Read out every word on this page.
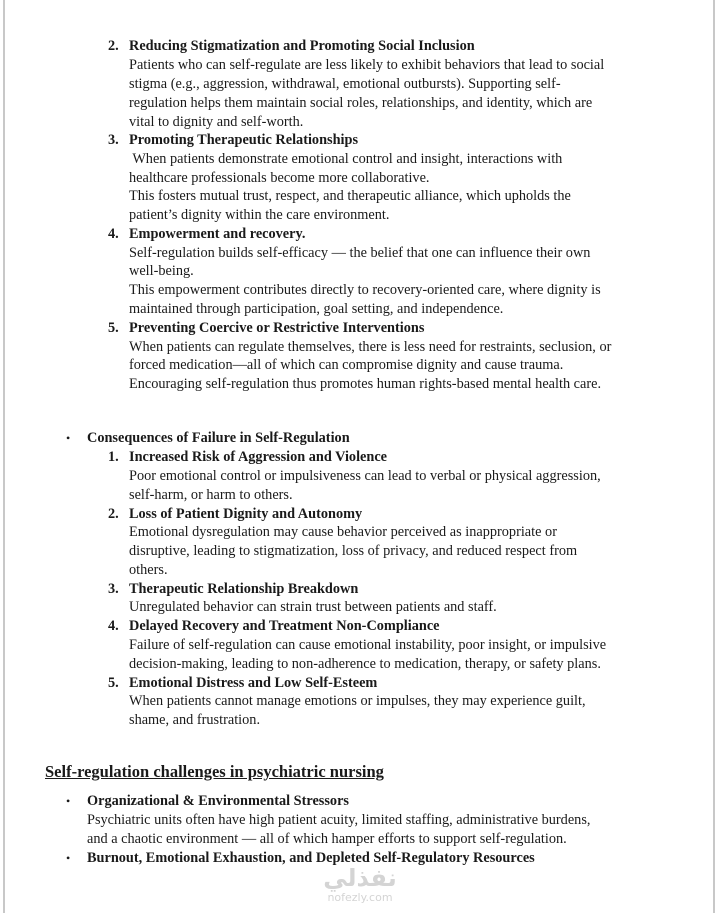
2. Reducing Stigmatization and Promoting Social Inclusion
Patients who can self-regulate are less likely to exhibit behaviors that lead to social
stigma (e.g., aggression, withdrawal, emotional outbursts). Supporting self-
regulation helps them maintain social roles, relationships, and identity, which are
vital to dignity and self-worth.
3. Promoting Therapeutic Relationships
When patients demonstrate emotional control and insight, interactions with
healthcare professionals become more collaborative.
This fosters mutual trust, respect, and therapeutic alliance, which upholds the
patient’s dignity within the care environment.
4. Empowerment and recovery.
Self-regulation builds self-efficacy — the belief that one can influence their own
well-being.
This empowerment contributes directly to recovery-oriented care, where dignity is
maintained through participation, goal setting, and independence.
5. Preventing Coercive or Restrictive Interventions
When patients can regulate themselves, there is less need for restraints, seclusion, or
forced medication—all of which can compromise dignity and cause trauma.
Encouraging self-regulation thus promotes human rights-based mental health care.
• Consequences of Failure in Self-Regulation
1. Increased Risk of Aggression and Violence
Poor emotional control or impulsiveness can lead to verbal or physical aggression,
self-harm, or harm to others.
2. Loss of Patient Dignity and Autonomy
Emotional dysregulation may cause behavior perceived as inappropriate or
disruptive, leading to stigmatization, loss of privacy, and reduced respect from
others.
3. Therapeutic Relationship Breakdown
Unregulated behavior can strain trust between patients and staff.
4. Delayed Recovery and Treatment Non-Compliance
Failure of self-regulation can cause emotional instability, poor insight, or impulsive
decision-making, leading to non-adherence to medication, therapy, or safety plans.
5. Emotional Distress and Low Self-Esteem
When patients cannot manage emotions or impulses, they may experience guilt,
shame, and frustration.
Self-regulation challenges in psychiatric nursing
• Organizational & Environmental Stressors
Psychiatric units often have high patient acuity, limited staffing, administrative burdens,
and a chaotic environment — all of which hamper efforts to support self-regulation.
• Burnout, Emotional Exhaustion, and Depleted Self-Regulatory Resources
نفذلي
nofezly.com
